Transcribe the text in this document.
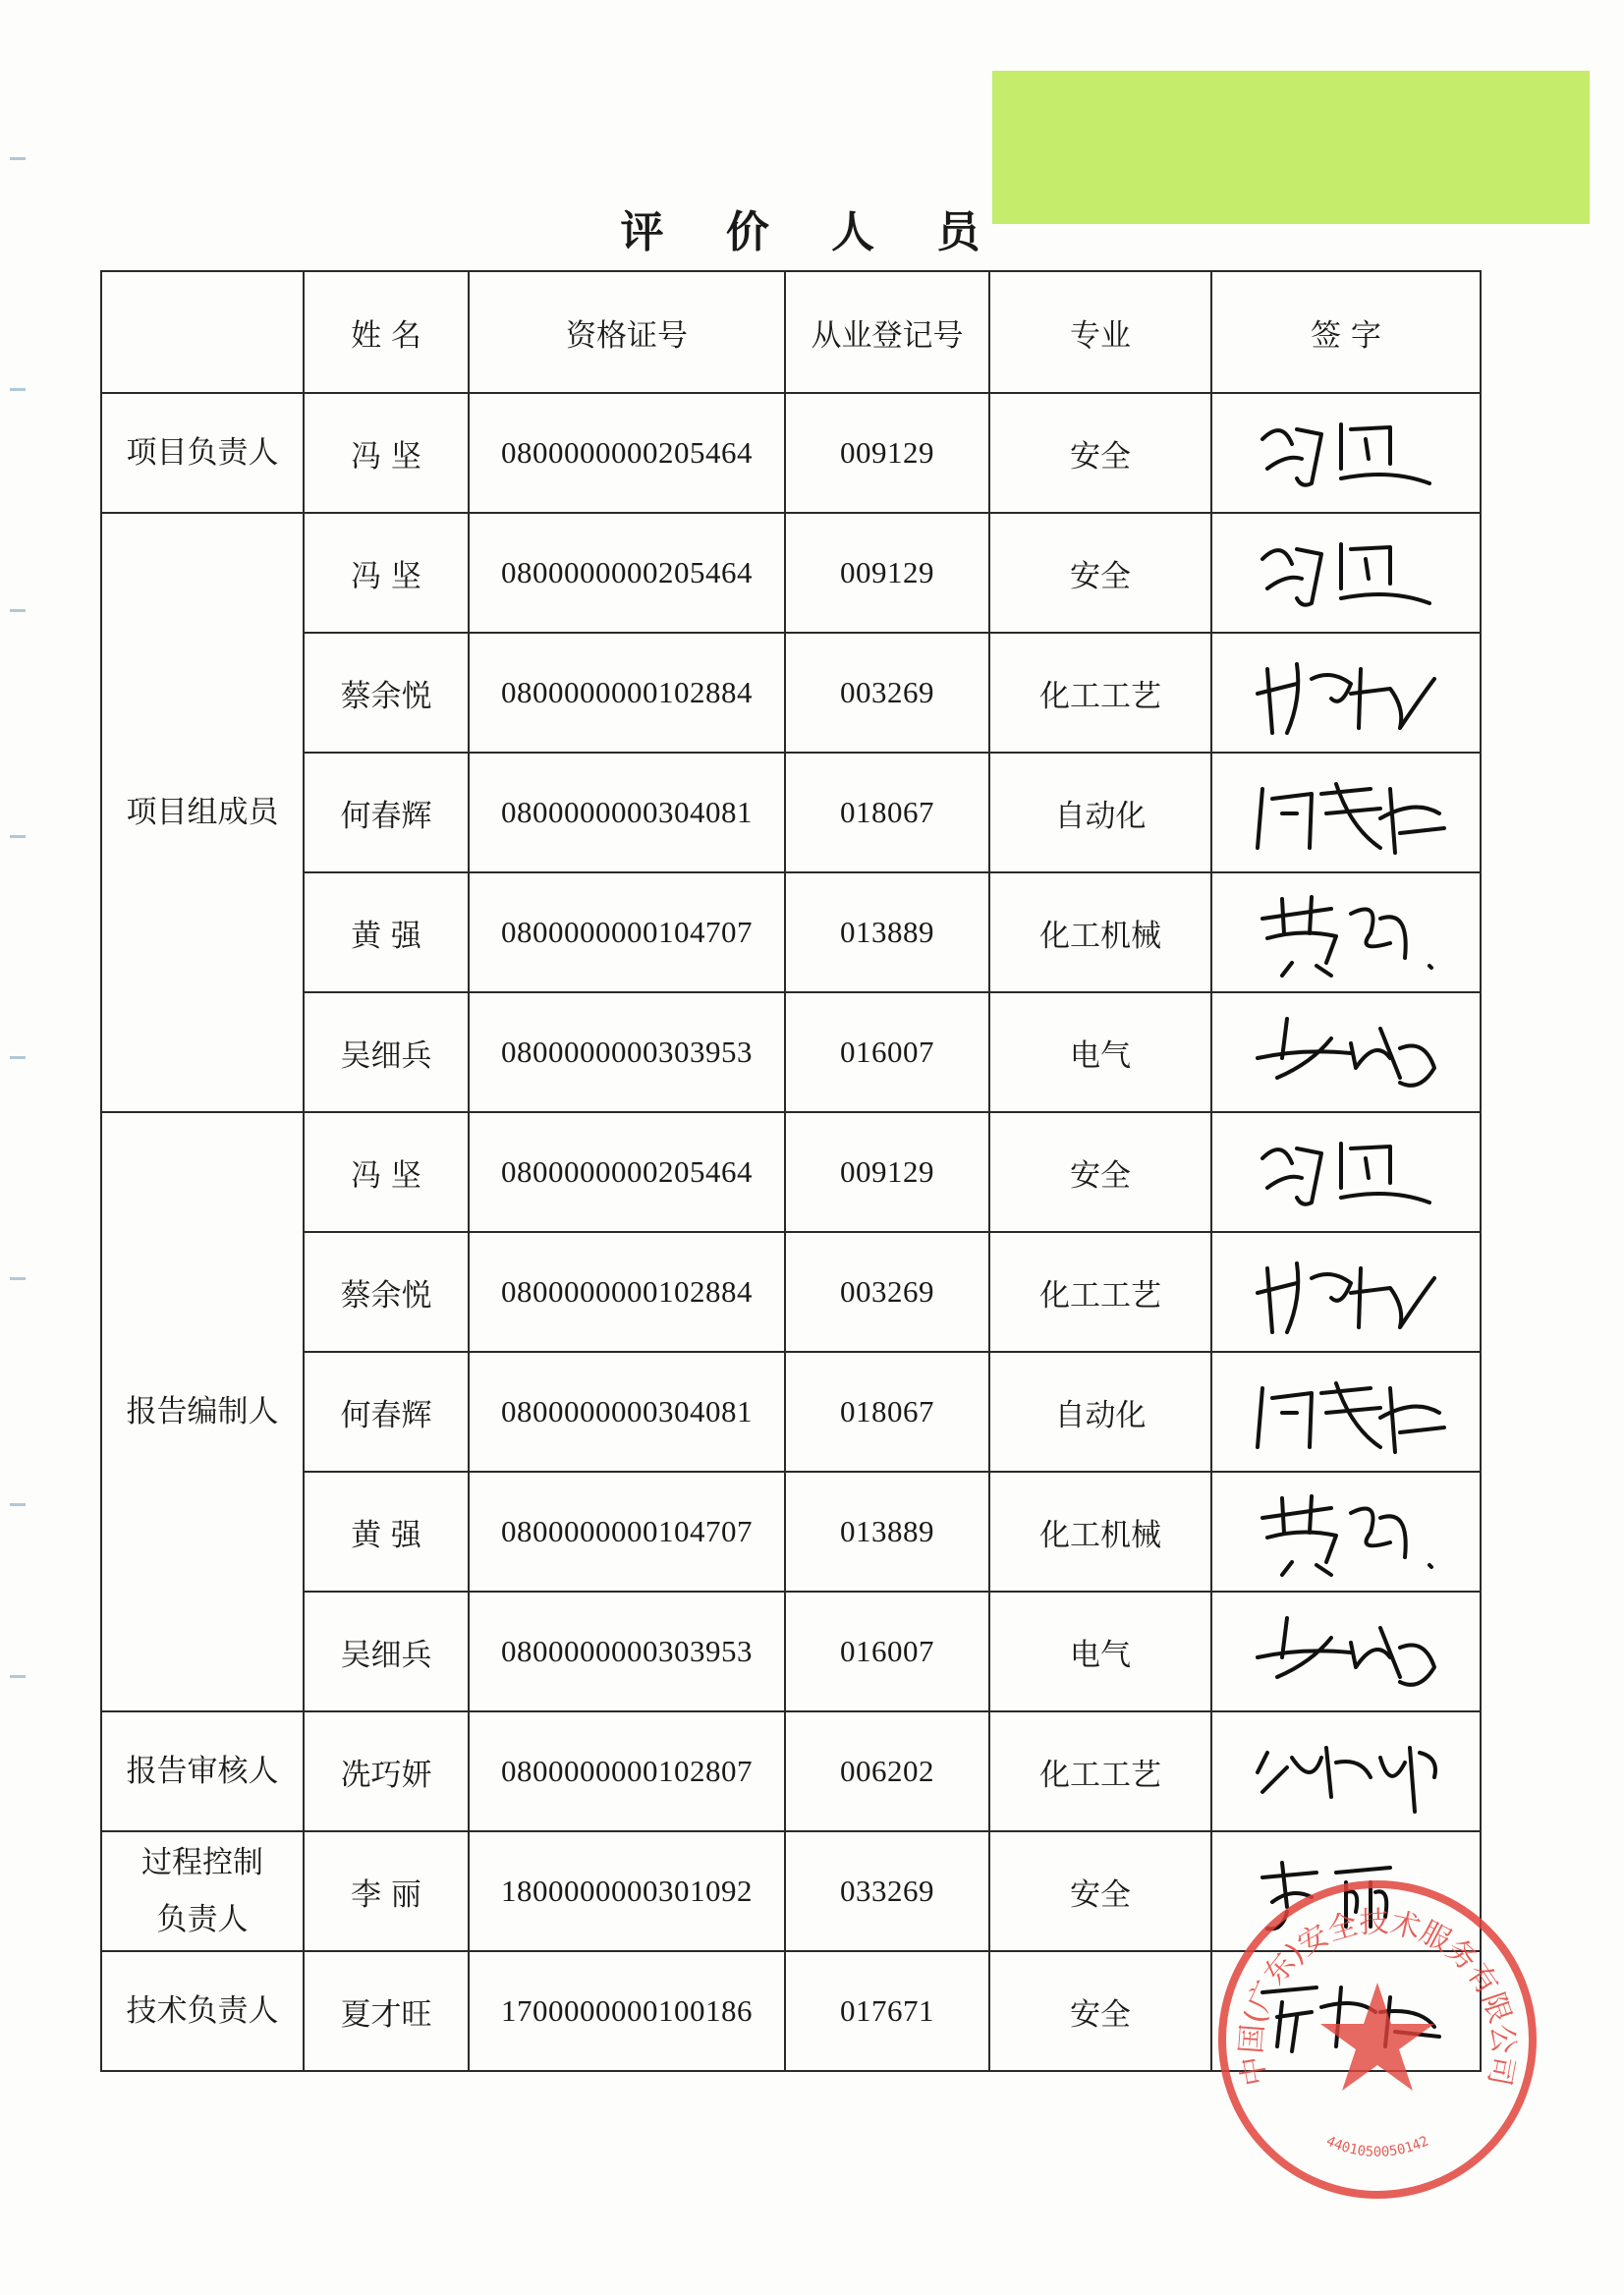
评 价 人 员
	姓 名	资格证号	从业登记号	专业	签 字
项目负责人	冯 坚	0800000000205464	009129	安全	
项目组成员	冯 坚	0800000000205464	009129	安全	
	蔡余悦	0800000000102884	003269	化工工艺	
	何春辉	0800000000304081	018067	自动化	
	黄 强	0800000000104707	013889	化工机械	
	吴细兵	0800000000303953	016007	电气	
报告编制人	冯 坚	0800000000205464	009129	安全	
	蔡余悦	0800000000102884	003269	化工工艺	
	何春辉	0800000000304081	018067	自动化	
	黄 强	0800000000104707	013889	化工机械	
	吴细兵	0800000000303953	016007	电气	
报告审核人	冼巧妍	0800000000102807	006202	化工工艺	

过程控制
负责人	李 丽	1800000000301092	033269	安全	
技术负责人	夏才旺	1700000000100186	017671	安全	
中国(广东)安全技术服务有限公司
4401050050142
